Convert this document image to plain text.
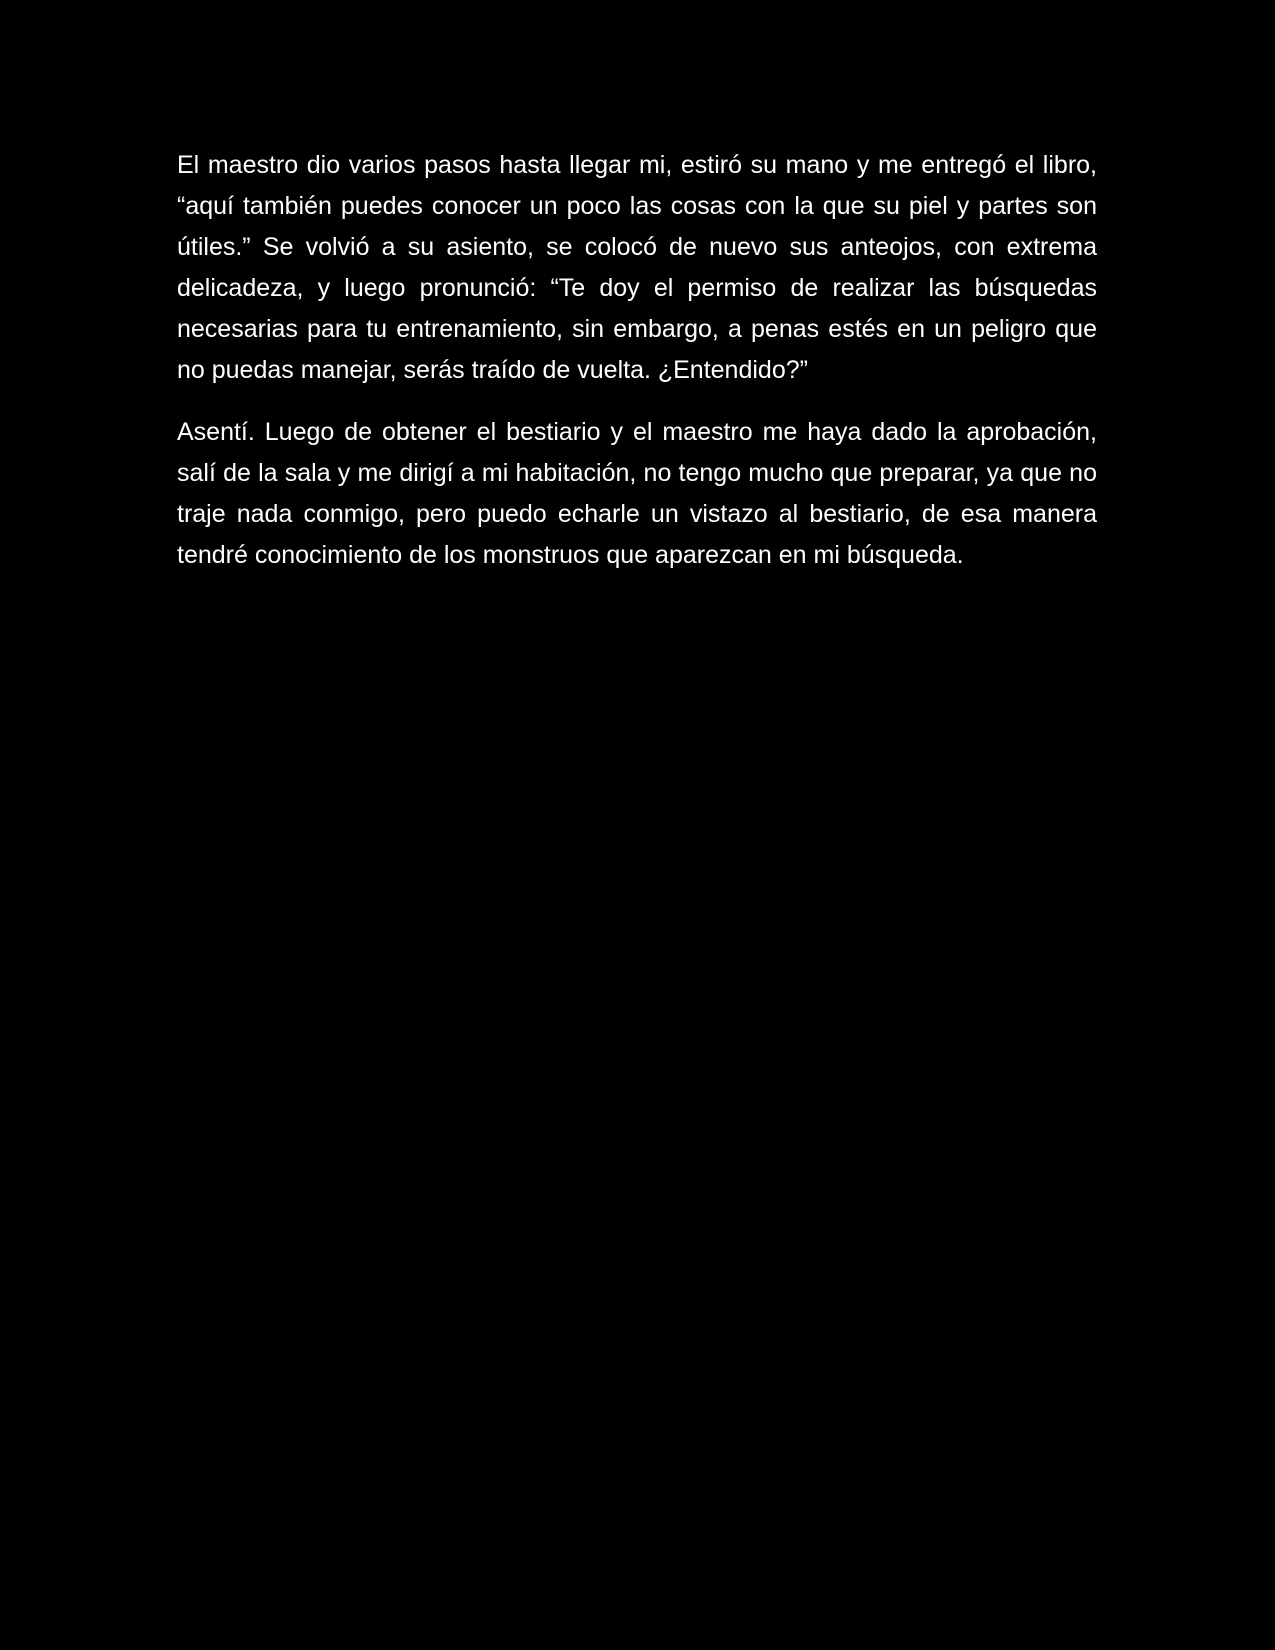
El maestro dio varios pasos hasta llegar mi, estiró su mano y me entregó el libro, “aquí también puedes conocer un poco las cosas con la que su piel y partes son útiles.” Se volvió a su asiento, se colocó de nuevo sus anteojos, con extrema delicadeza, y luego pronunció: “Te doy el permiso de realizar las búsquedas necesarias para tu entrenamiento, sin embargo, a penas estés en un peligro que no puedas manejar, serás traído de vuelta. ¿Entendido?”

Asentí. Luego de obtener el bestiario y el maestro me haya dado la aprobación, salí de la sala y me dirigí a mi habitación, no tengo mucho que preparar, ya que no traje nada conmigo, pero puedo echarle un vistazo al bestiario, de esa manera tendré conocimiento de los monstruos que aparezcan en mi búsqueda.
